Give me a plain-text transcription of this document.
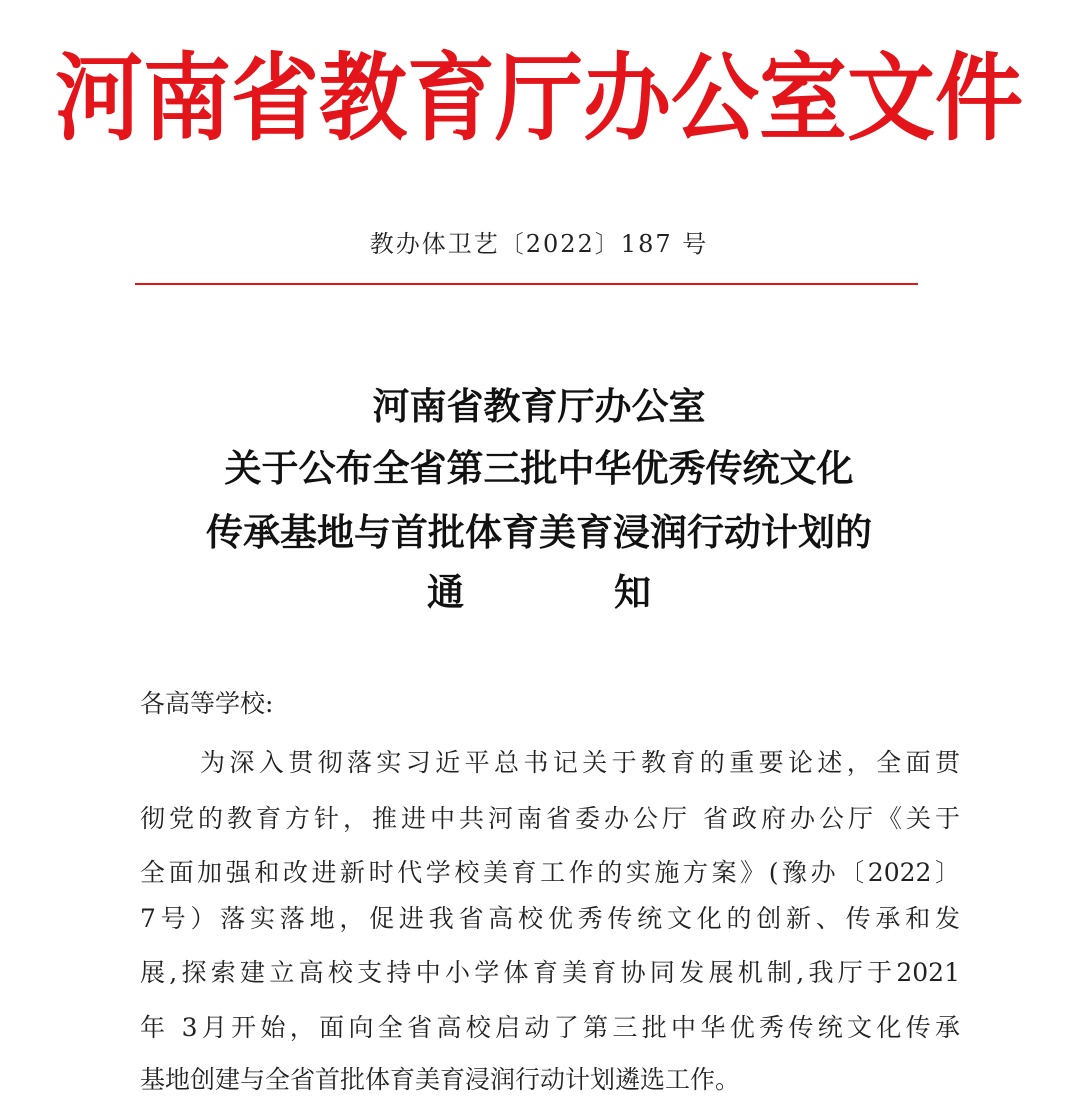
河南省教育厅办公室文件
教办体卫艺〔2022〕187 号
河南省教育厅办公室
关于公布全省第三批中华优秀传统文化
传承基地与首批体育美育浸润行动计划的
通	知
各高等学校:
为深入贯彻落实习近平总书记关于教育的重要论述，全面贯
彻党的教育方针，推进中共河南省委办公厅 省政府办公厅《关于
全面加强和改进新时代学校美育工作的实施方案》(豫办〔2022〕
7号）落实落地，促进我省高校优秀传统文化的创新、传承和发
展,探索建立高校支持中小学体育美育协同发展机制,我厅于2021
年 3月开始，面向全省高校启动了第三批中华优秀传统文化传承
基地创建与全省首批体育美育浸润行动计划遴选工作。
